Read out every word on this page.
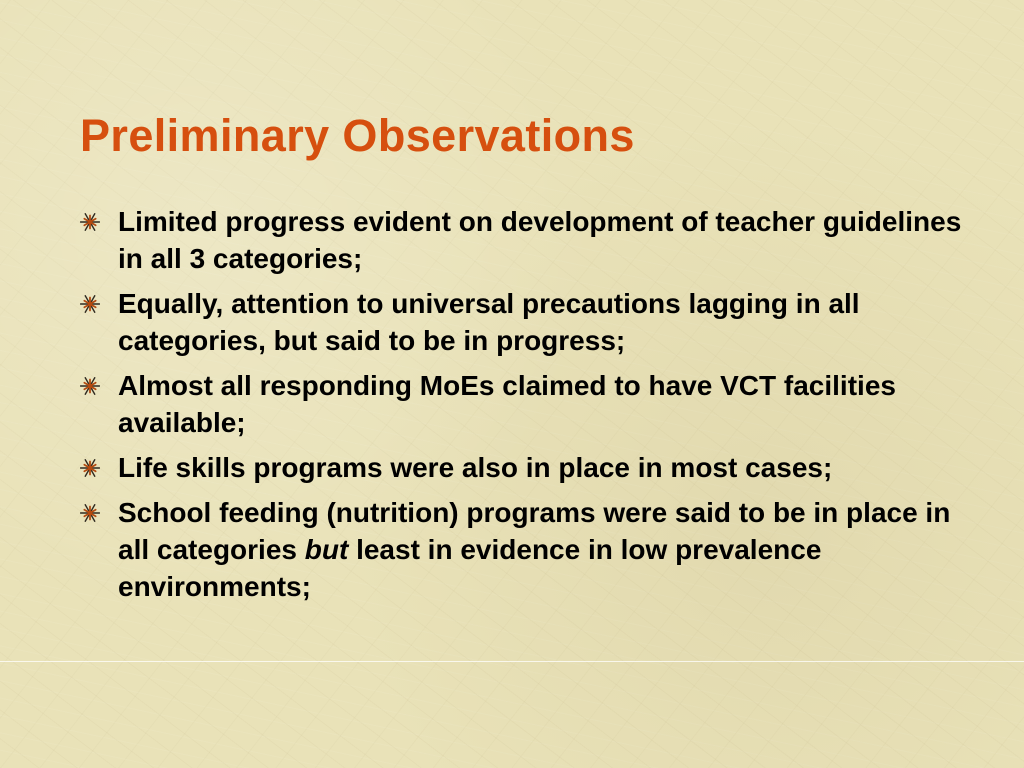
Preliminary Observations
Limited progress evident on development of teacher guidelines in all 3 categories;
Equally, attention to universal precautions lagging in all categories, but said to be in progress;
Almost all responding MoEs claimed to have VCT facilities available;
Life skills programs were also in place in most cases;
School feeding (nutrition) programs were said to be in place in all categories but least in evidence in low prevalence environments;
